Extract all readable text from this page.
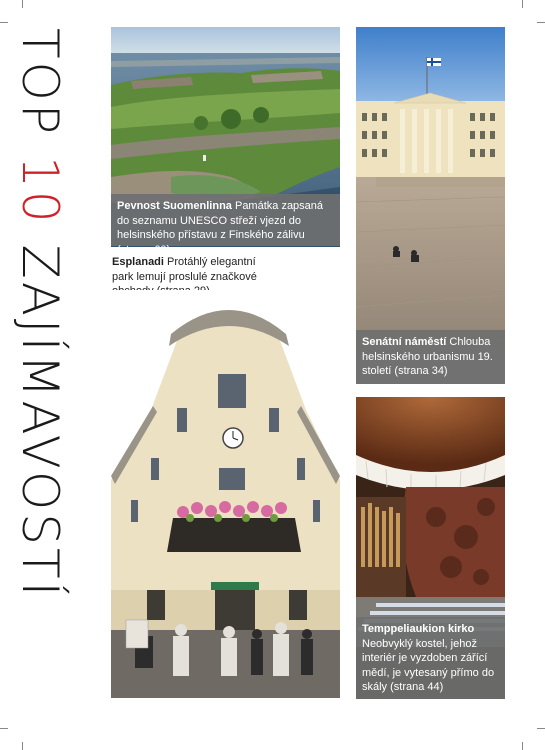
TOP 10 ZAJÍMAVOSTÍ
Pevnost Suomenlinna Památka zapsaná do seznamu UNESCO střeží vjezd do helsinského přístavu z Finského zálivu (strana 60)
Senátní náměstí Chlouba helsinského urbanismu 19. století (strana 34)
Esplanadi Protáhlý elegantní park lemují proslulé značkové
Temppeliaukion kirko
Neobvyklý kostel, jehož interiér je vyzdoben zářící mědí, je vytesaný přímo do skály (strana 44)
